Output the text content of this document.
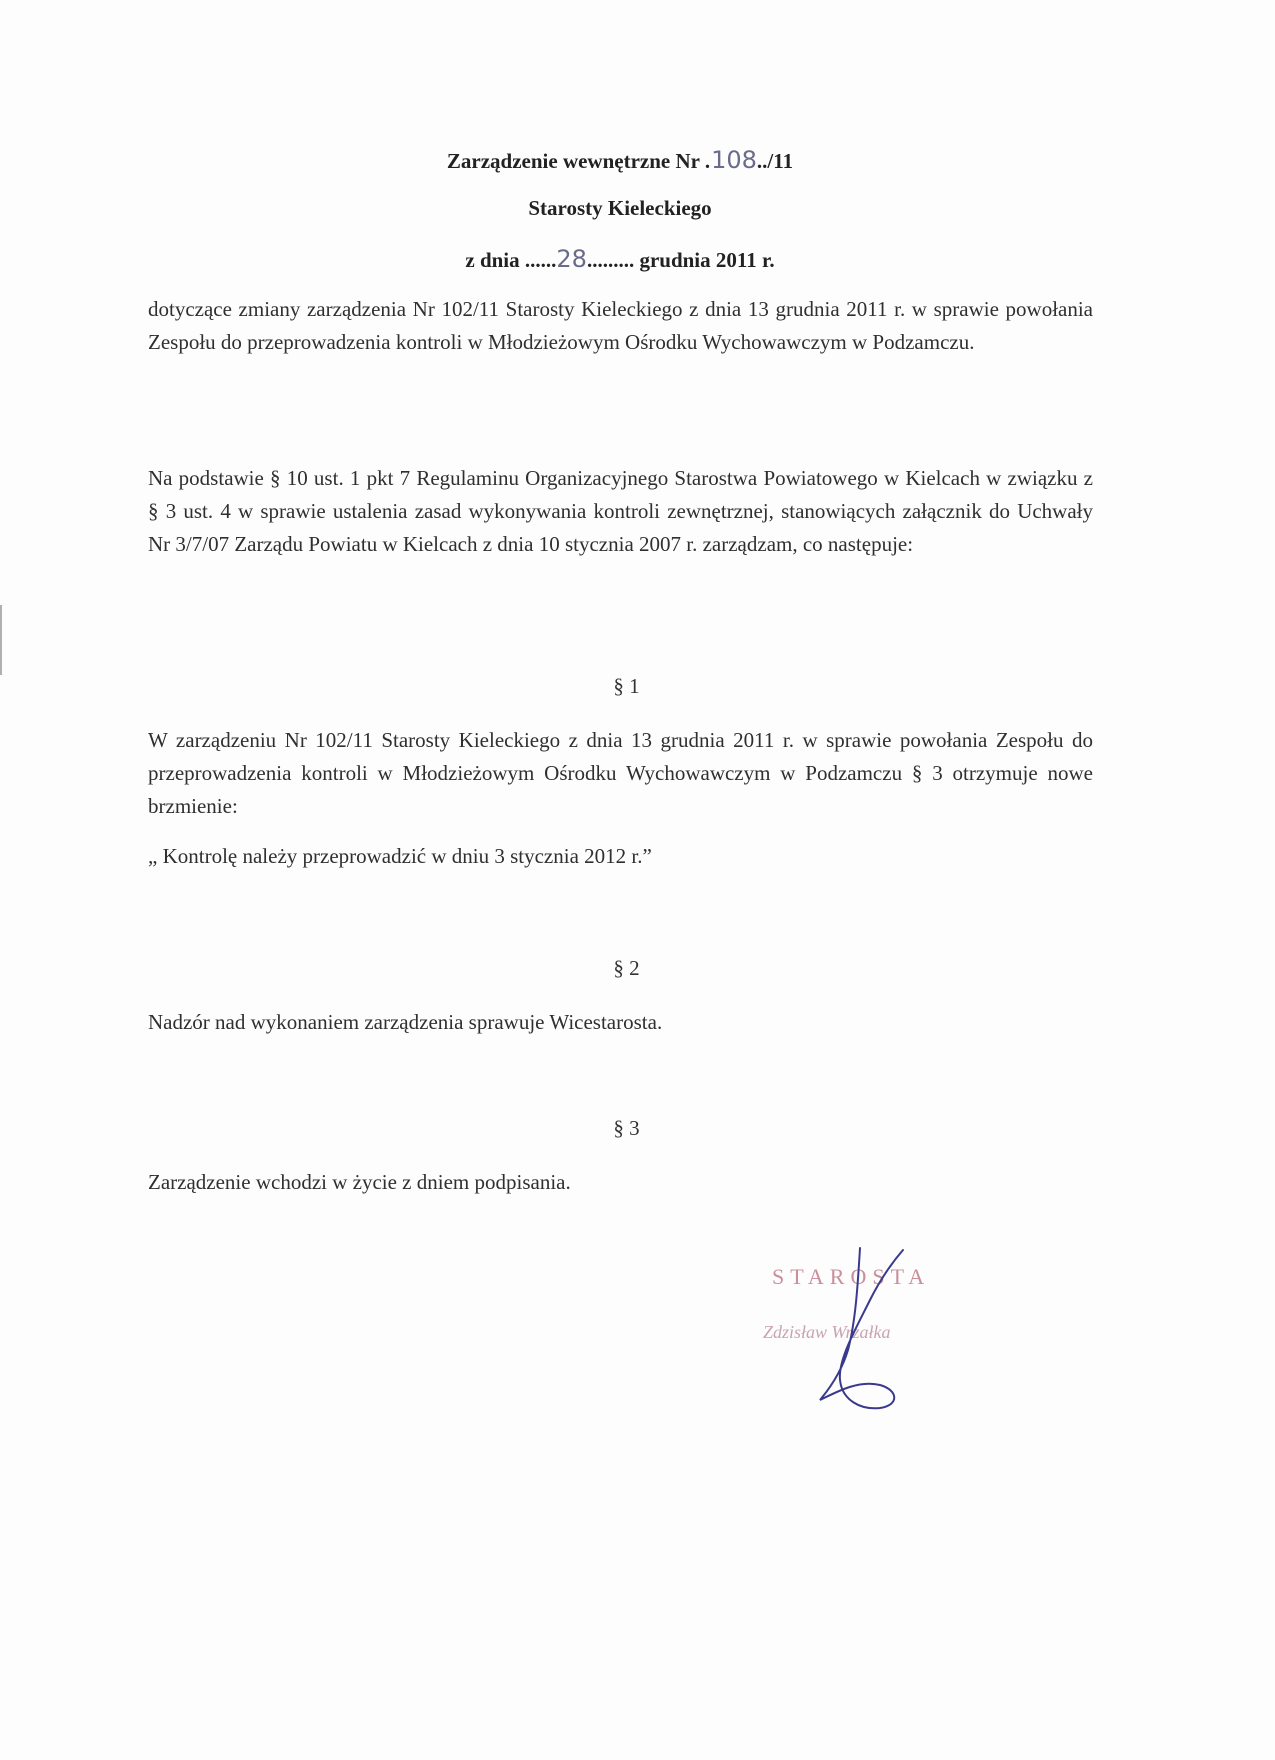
Zarządzenie wewnętrzne Nr .108../11
Starosty Kieleckiego
z dnia ......28......... grudnia 2011 r.
dotyczące zmiany zarządzenia Nr 102/11 Starosty Kieleckiego z dnia 13 grudnia 2011 r. w sprawie powołania Zespołu do przeprowadzenia kontroli w Młodzieżowym Ośrodku Wychowawczym w Podzamczu.
Na podstawie § 10 ust. 1 pkt 7 Regulaminu Organizacyjnego Starostwa Powiatowego w Kielcach w związku z § 3 ust. 4 w sprawie ustalenia zasad wykonywania kontroli zewnętrznej, stanowiących załącznik do Uchwały Nr 3/7/07 Zarządu Powiatu w Kielcach z dnia 10 stycznia 2007 r. zarządzam, co następuje:
§ 1
W zarządzeniu Nr 102/11 Starosty Kieleckiego z dnia 13 grudnia 2011 r. w sprawie powołania Zespołu do przeprowadzenia kontroli w Młodzieżowym Ośrodku Wychowawczym w Podzamczu § 3 otrzymuje nowe brzmienie:
„ Kontrolę należy przeprowadzić w dniu 3 stycznia 2012 r.”
§ 2
Nadzór nad wykonaniem zarządzenia sprawuje Wicestarosta.
§ 3
Zarządzenie wchodzi w życie z dniem podpisania.
STAROSTA
Zdzisław Wrzałka
